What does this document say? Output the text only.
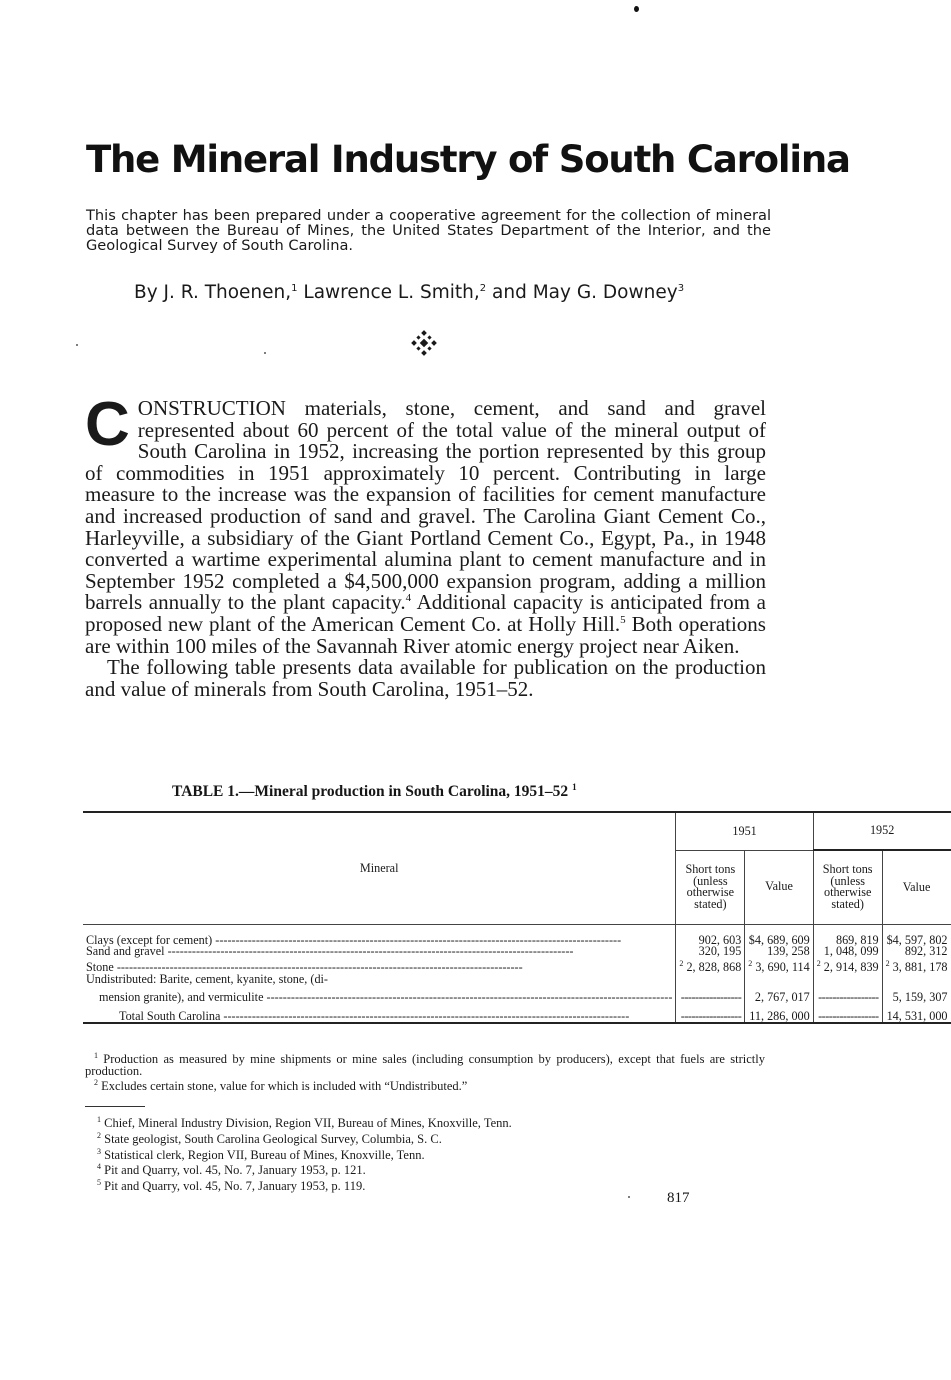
The Mineral Industry of South Carolina

This chapter has been prepared under a cooperative agreement for the collection of mineral data between the Bureau of Mines, the United States Department of the Interior, and the Geological Survey of South Carolina.

By J. R. Thoenen,$^1$ Lawrence L. Smith,$^2$ and May G. Downey$^3$

CONSTRUCTION materials, stone, cement, and sand and gravel represented about 60 percent of the total value of the mineral output of South Carolina in 1952, increasing the portion represented by this group of commodities in 1951 approximately 10 percent. Contributing in large measure to the increase was the expansion of facilities for cement manufacture and increased production of sand and gravel. The Carolina Giant Cement Co., Harleyville, a subsidiary of the Giant Portland Cement Co., Egypt, Pa., in 1948 converted a wartime experimental alumina plant to cement manufacture and in September 1952 completed a $4,500,000 expansion program, adding a million barrels annually to the plant capacity.$^4$ Additional capacity is anticipated from a proposed new plant of the American Cement Co. at Holly Hill.$^5$ Both operations are within 100 miles of the Savannah River atomic energy project near Aiken.

The following table presents data available for publication on the production and value of minerals from South Carolina, 1951–52.

TABLE 1.—Mineral production in South Carolina, 1951–52 $^1$
Mineral	1951		1952	
	Short tons (unless otherwise stated)	Value	Short tons (unless otherwise stated)	Value
Clays (except for cement) -----	902, 603	$4, 689, 609	869, 819	$4, 597, 802
Sand and gravel -----	320, 195	139, 258	1, 048, 099	892, 312
Stone -----	$^2$ 2, 828, 868	$^2$ 3, 690, 114	$^2$ 2, 914, 839	$^2$ 3, 881, 178
Undistributed: Barite, cement, kyanite, stone, (di-				
mension granite), and vermiculite -----	-----	2, 767, 017	-----	5, 159, 307
Total South Carolina -----	-----	11, 286, 000	-----	14, 531, 000

$^1$ Production as measured by mine shipments or mine sales (including consumption by producers), except that fuels are strictly production.

$^2$ Excludes certain stone, value for which is included with “Undistributed.”

$^1$ Chief, Mineral Industry Division, Region VII, Bureau of Mines, Knoxville, Tenn.

$^2$ State geologist, South Carolina Geological Survey, Columbia, S. C.

$^3$ Statistical clerk, Region VII, Bureau of Mines, Knoxville, Tenn.

$^4$ Pit and Quarry, vol. 45, No. 7, January 1953, p. 121.

$^5$ Pit and Quarry, vol. 45, No. 7, January 1953, p. 119.

817
